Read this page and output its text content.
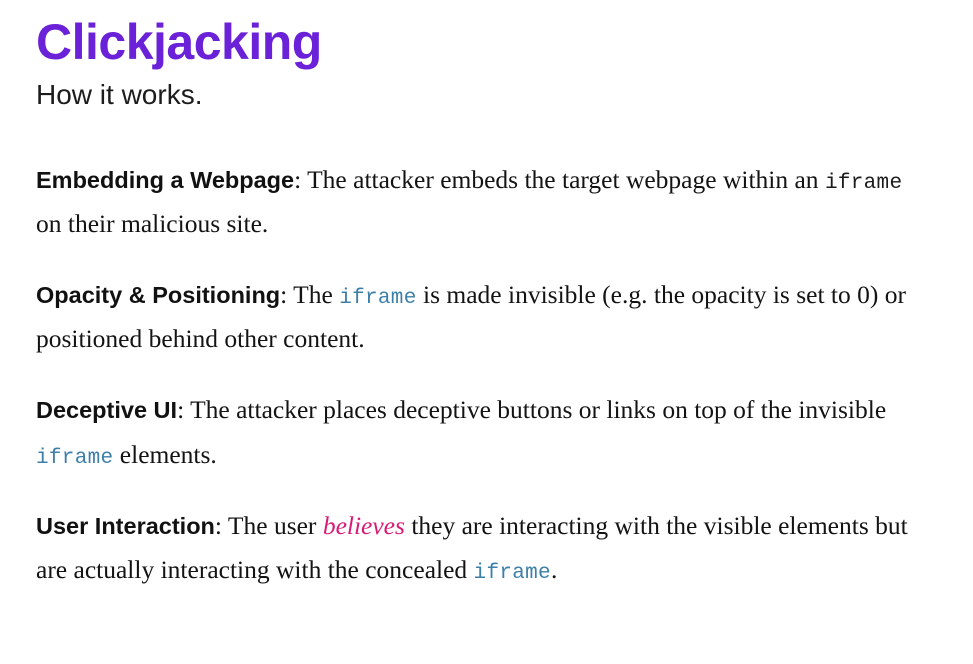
Clickjacking
How it works.

Embedding a Webpage: The attacker embeds the target webpage within an iframe on their malicious site.

Opacity & Positioning: The iframe is made invisible (e.g. the opacity is set to 0) or positioned behind other content.

Deceptive UI: The attacker places deceptive buttons or links on top of the invisible iframe elements.

User Interaction: The user believes they are interacting with the visible elements but are actually interacting with the concealed iframe.
